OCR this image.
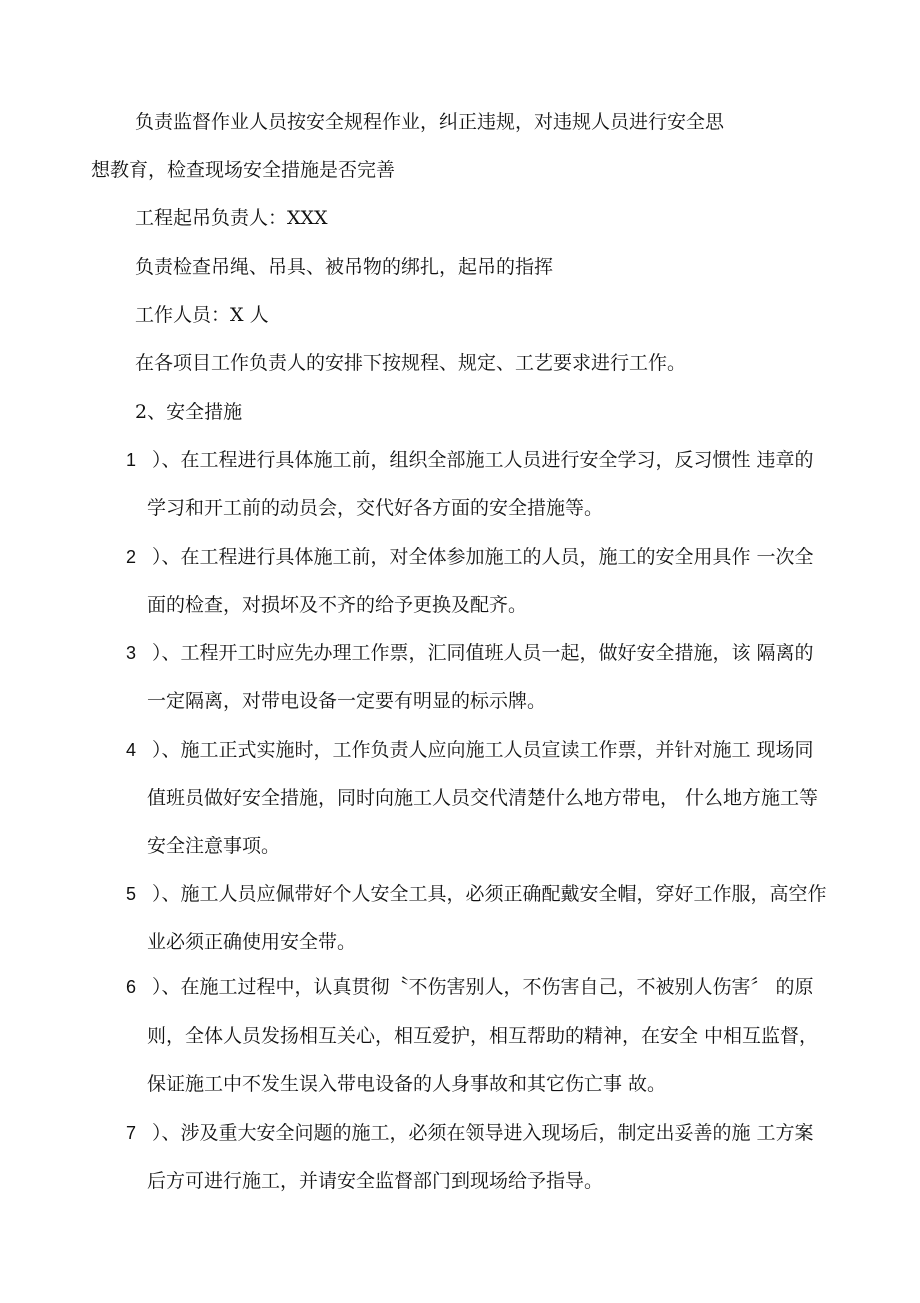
负责监督作业人员按安全规程作业，纠正违规，对违规人员进行安全思
想教育，检查现场安全措施是否完善
工程起吊负责人：XXX
负责检查吊绳、吊具、被吊物的绑扎，起吊的指挥
工作人员：X 人
在各项目工作负责人的安排下按规程、规定、工艺要求进行工作。
2、安全措施
1 ）、在工程进行具体施工前，组织全部施工人员进行安全学习，反习惯性 违章的
学习和开工前的动员会，交代好各方面的安全措施等。
2 ）、在工程进行具体施工前，对全体参加施工的人员，施工的安全用具作 一次全
面的检查，对损坏及不齐的给予更换及配齐。
3 ）、工程开工时应先办理工作票，汇同值班人员一起，做好安全措施，该 隔离的
一定隔离，对带电设备一定要有明显的标示牌。
4 ）、施工正式实施时，工作负责人应向施工人员宣读工作票，并针对施工 现场同
值班员做好安全措施，同时向施工人员交代清楚什么地方带电， 什么地方施工等
安全注意事项。
5 ）、施工人员应佩带好个人安全工具，必须正确配戴安全帽，穿好工作服，高空作
业必须正确使用安全带。
6 ）、在施工过程中，认真贯彻〝不伤害别人，不伤害自己，不被别人伤害〞 的原
则，全体人员发扬相互关心，相互爱护，相互帮助的精神，在安全 中相互监督，
保证施工中不发生误入带电设备的人身事故和其它伤亡事 故。
7 ）、涉及重大安全问题的施工，必须在领导进入现场后，制定出妥善的施 工方案
后方可进行施工，并请安全监督部门到现场给予指导。
